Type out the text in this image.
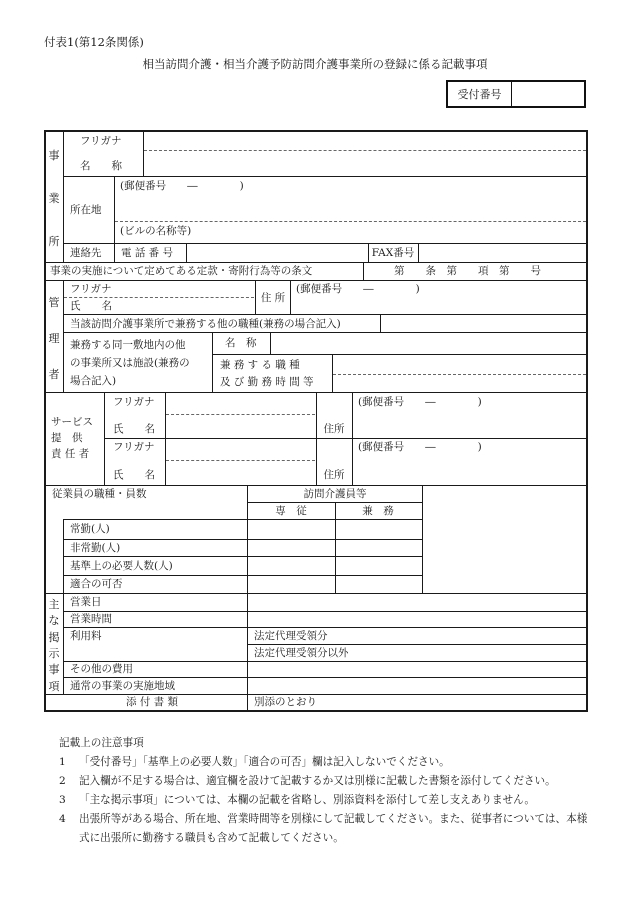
付表1(第12条関係)
相当訪問介護・相当介護予防訪問介護事業所の登録に係る記載事項
受付番号
事
業
所
フリガナ
名　　称
(郵便番号　　―　　　　)
所在地
(ビルの名称等)
連絡先 電 話 番 号	FAX番号
事業の実施について定めてある定款・寄附行為等の条文	第　　条　第　　項　第　　号
管
理
者
フリガナ
氏　　名
住 所
(郵便番号　　―　　　　)
当該訪問介護事業所で兼務する他の職種(兼務の場合記入)
兼務する同一敷地内の他
の事業所又は施設(兼務の
場合記入)
名　称
兼 務 す る 職 種
及 び 勤 務 時 間 等
サービス
提　供
責 任 者
フリガナ
氏　　名	住所
(郵便番号　　―　　　　)
フリガナ
氏　　名	住所
(郵便番号　　―　　　　)
従業員の職種・員数	訪問介護員等
専　従	兼　務
常勤(人)
非常勤(人)
基準上の必要人数(人)
適合の可否
主
な
掲
示
事
項
営業日
営業時間
利用料	法定代理受領分
法定代理受領分以外
その他の費用
通常の事業の実施地域
添 付 書 類	別添のとおり
記載上の注意事項
1 「受付番号」「基準上の必要人数」「適合の可否」欄は記入しないでください。
2 記入欄が不足する場合は、適宜欄を設けて記載するか又は別様に記載した書類を添付してください。
3 「主な掲示事項」については、本欄の記載を省略し、別添資料を添付して差し支えありません。
4 出張所等がある場合、所在地、営業時間等を別様にして記載してください。また、従事者については、本様式に出張所に勤務する職員も含めて記載してください。
